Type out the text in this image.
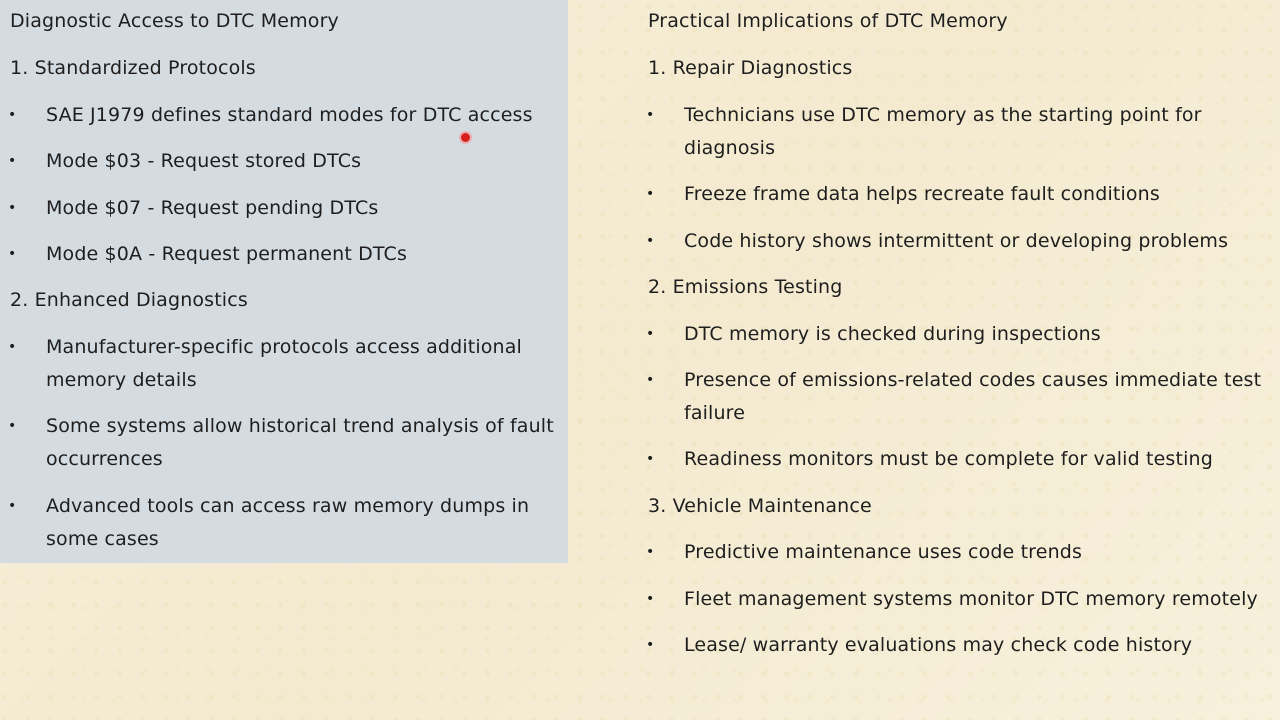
Diagnostic Access to DTC Memory
1. Standardized Protocols
• SAE J1979 defines standard modes for DTC access
• Mode $03 - Request stored DTCs
• Mode $07 - Request pending DTCs
• Mode $0A - Request permanent DTCs
2. Enhanced Diagnostics
• Manufacturer-specific protocols access additional memory details
• Some systems allow historical trend analysis of fault occurrences
• Advanced tools can access raw memory dumps in some cases
Practical Implications of DTC Memory
1. Repair Diagnostics
• Technicians use DTC memory as the starting point for diagnosis
• Freeze frame data helps recreate fault conditions
• Code history shows intermittent or developing problems
2. Emissions Testing
• DTC memory is checked during inspections
• Presence of emissions-related codes causes immediate test failure
• Readiness monitors must be complete for valid testing
3. Vehicle Maintenance
• Predictive maintenance uses code trends
• Fleet management systems monitor DTC memory remotely
• Lease/ warranty evaluations may check code history
